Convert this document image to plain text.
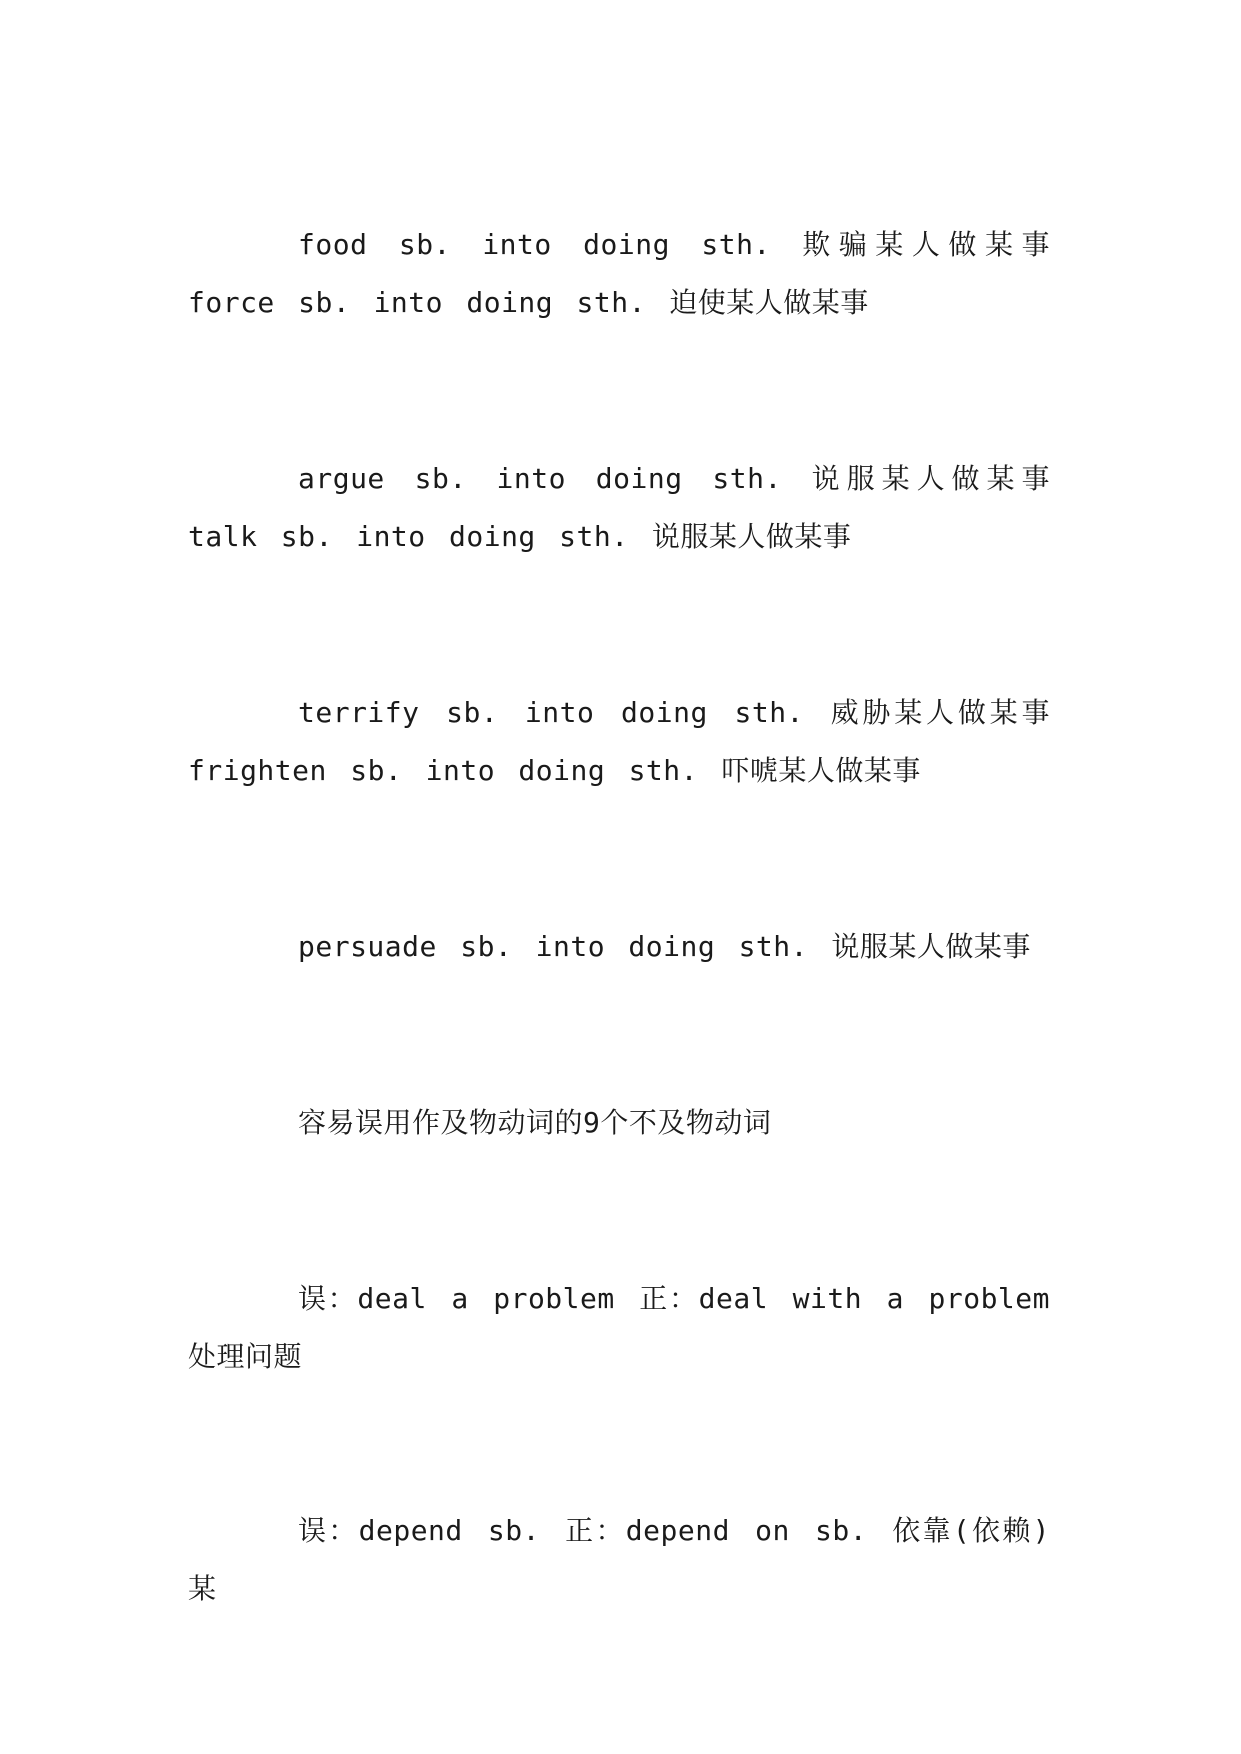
food sb. into doing sth. 欺骗某人做某事 force sb. into doing sth. 迫使某人做某事

argue sb. into doing sth. 说服某人做某事 talk sb. into doing sth. 说服某人做某事

terrify sb. into doing sth. 威胁某人做某事 frighten sb. into doing sth. 吓唬某人做某事

persuade sb. into doing sth. 说服某人做某事

容易误用作及物动词的9个不及物动词

误：deal a problem 正：deal with a problem 处理问题

误：depend sb. 正：depend on sb. 依靠(依赖)某
